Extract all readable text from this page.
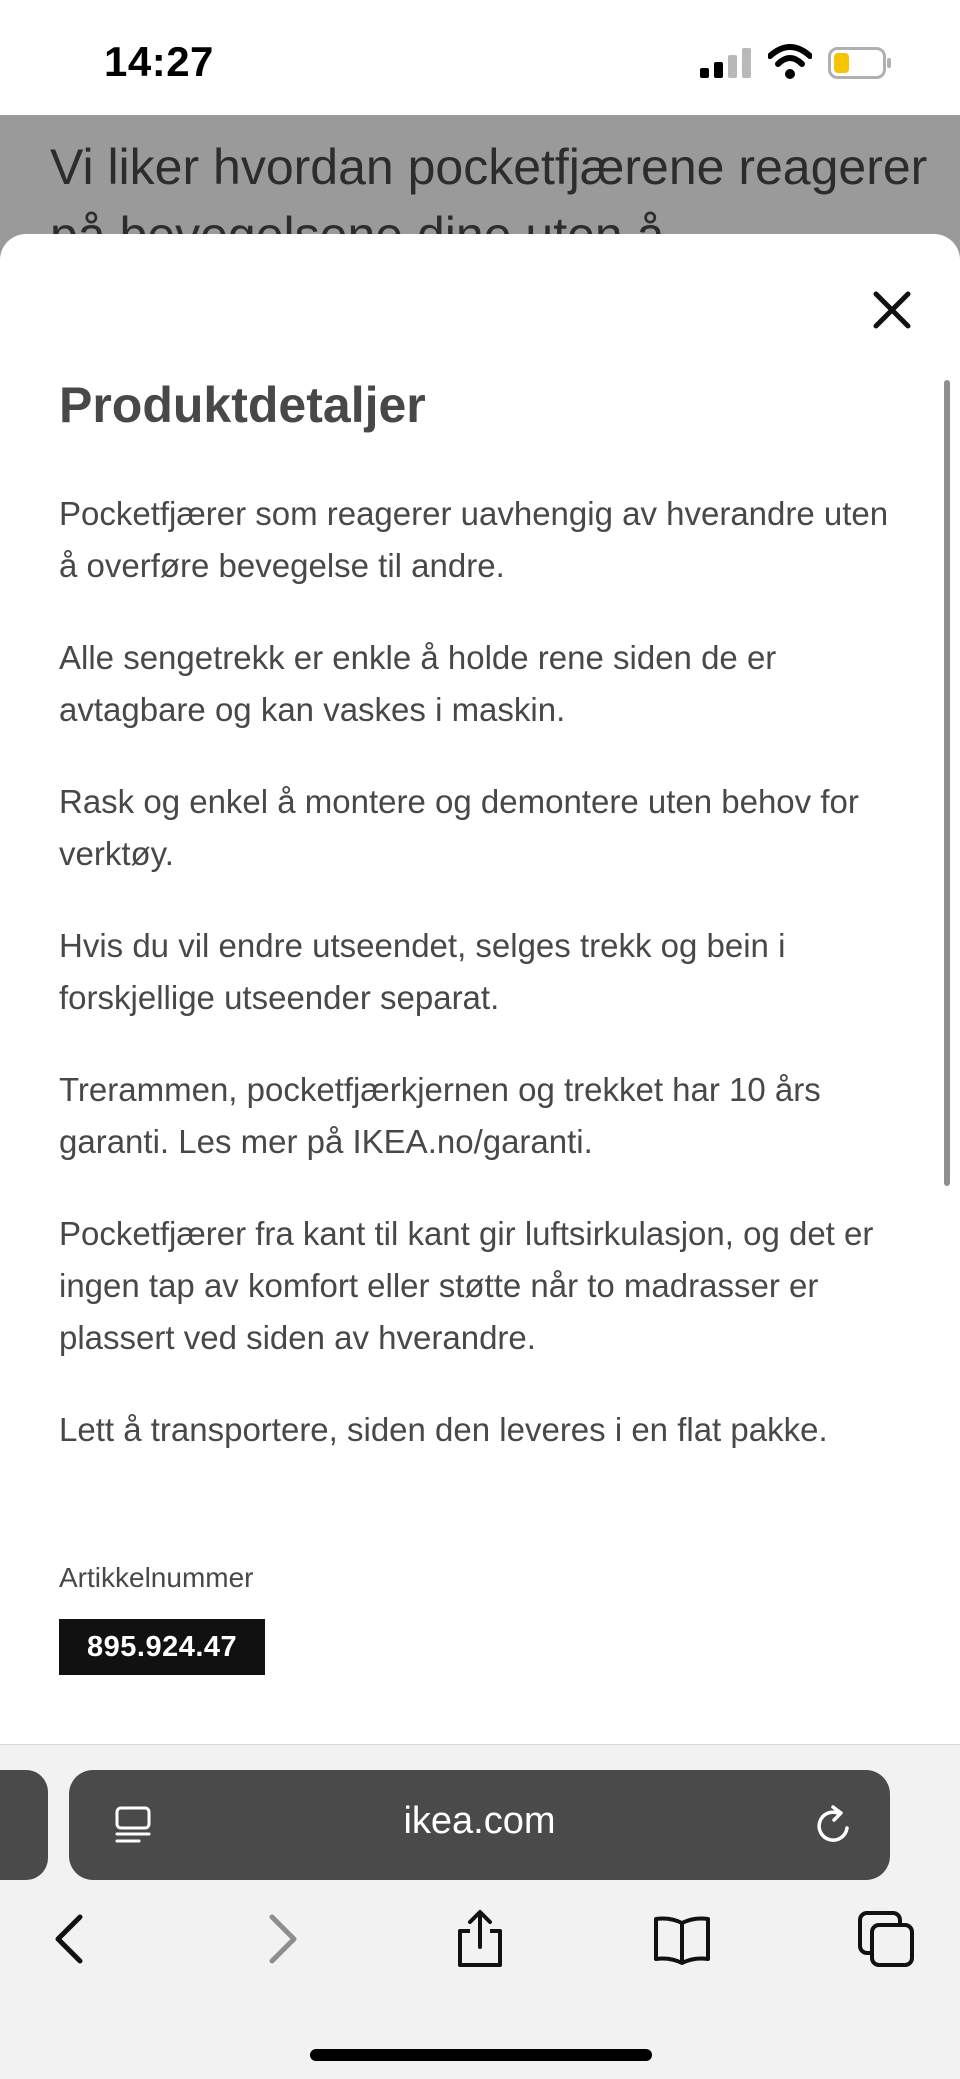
14:27
Vi liker hvordan pocketfjærene reagerer
Produktdetaljer

Pocketfjærer som reagerer uavhengig av hverandre uten å overføre bevegelse til andre.

Alle sengetrekk er enkle å holde rene siden de er avtagbare og kan vaskes i maskin.

Rask og enkel å montere og demontere uten behov for verktøy.

Hvis du vil endre utseendet, selges trekk og bein i forskjellige utseender separat.

Trerammen, pocketfjærkjernen og trekket har 10 års garanti. Les mer på IKEA.no/garanti.

Pocketfjærer fra kant til kant gir luftsirkulasjon, og det er ingen tap av komfort eller støtte når to madrasser er plassert ved siden av hverandre.

Lett å transportere, siden den leveres i en flat pakke.

Artikkelnummer
895.924.47
ikea.com
